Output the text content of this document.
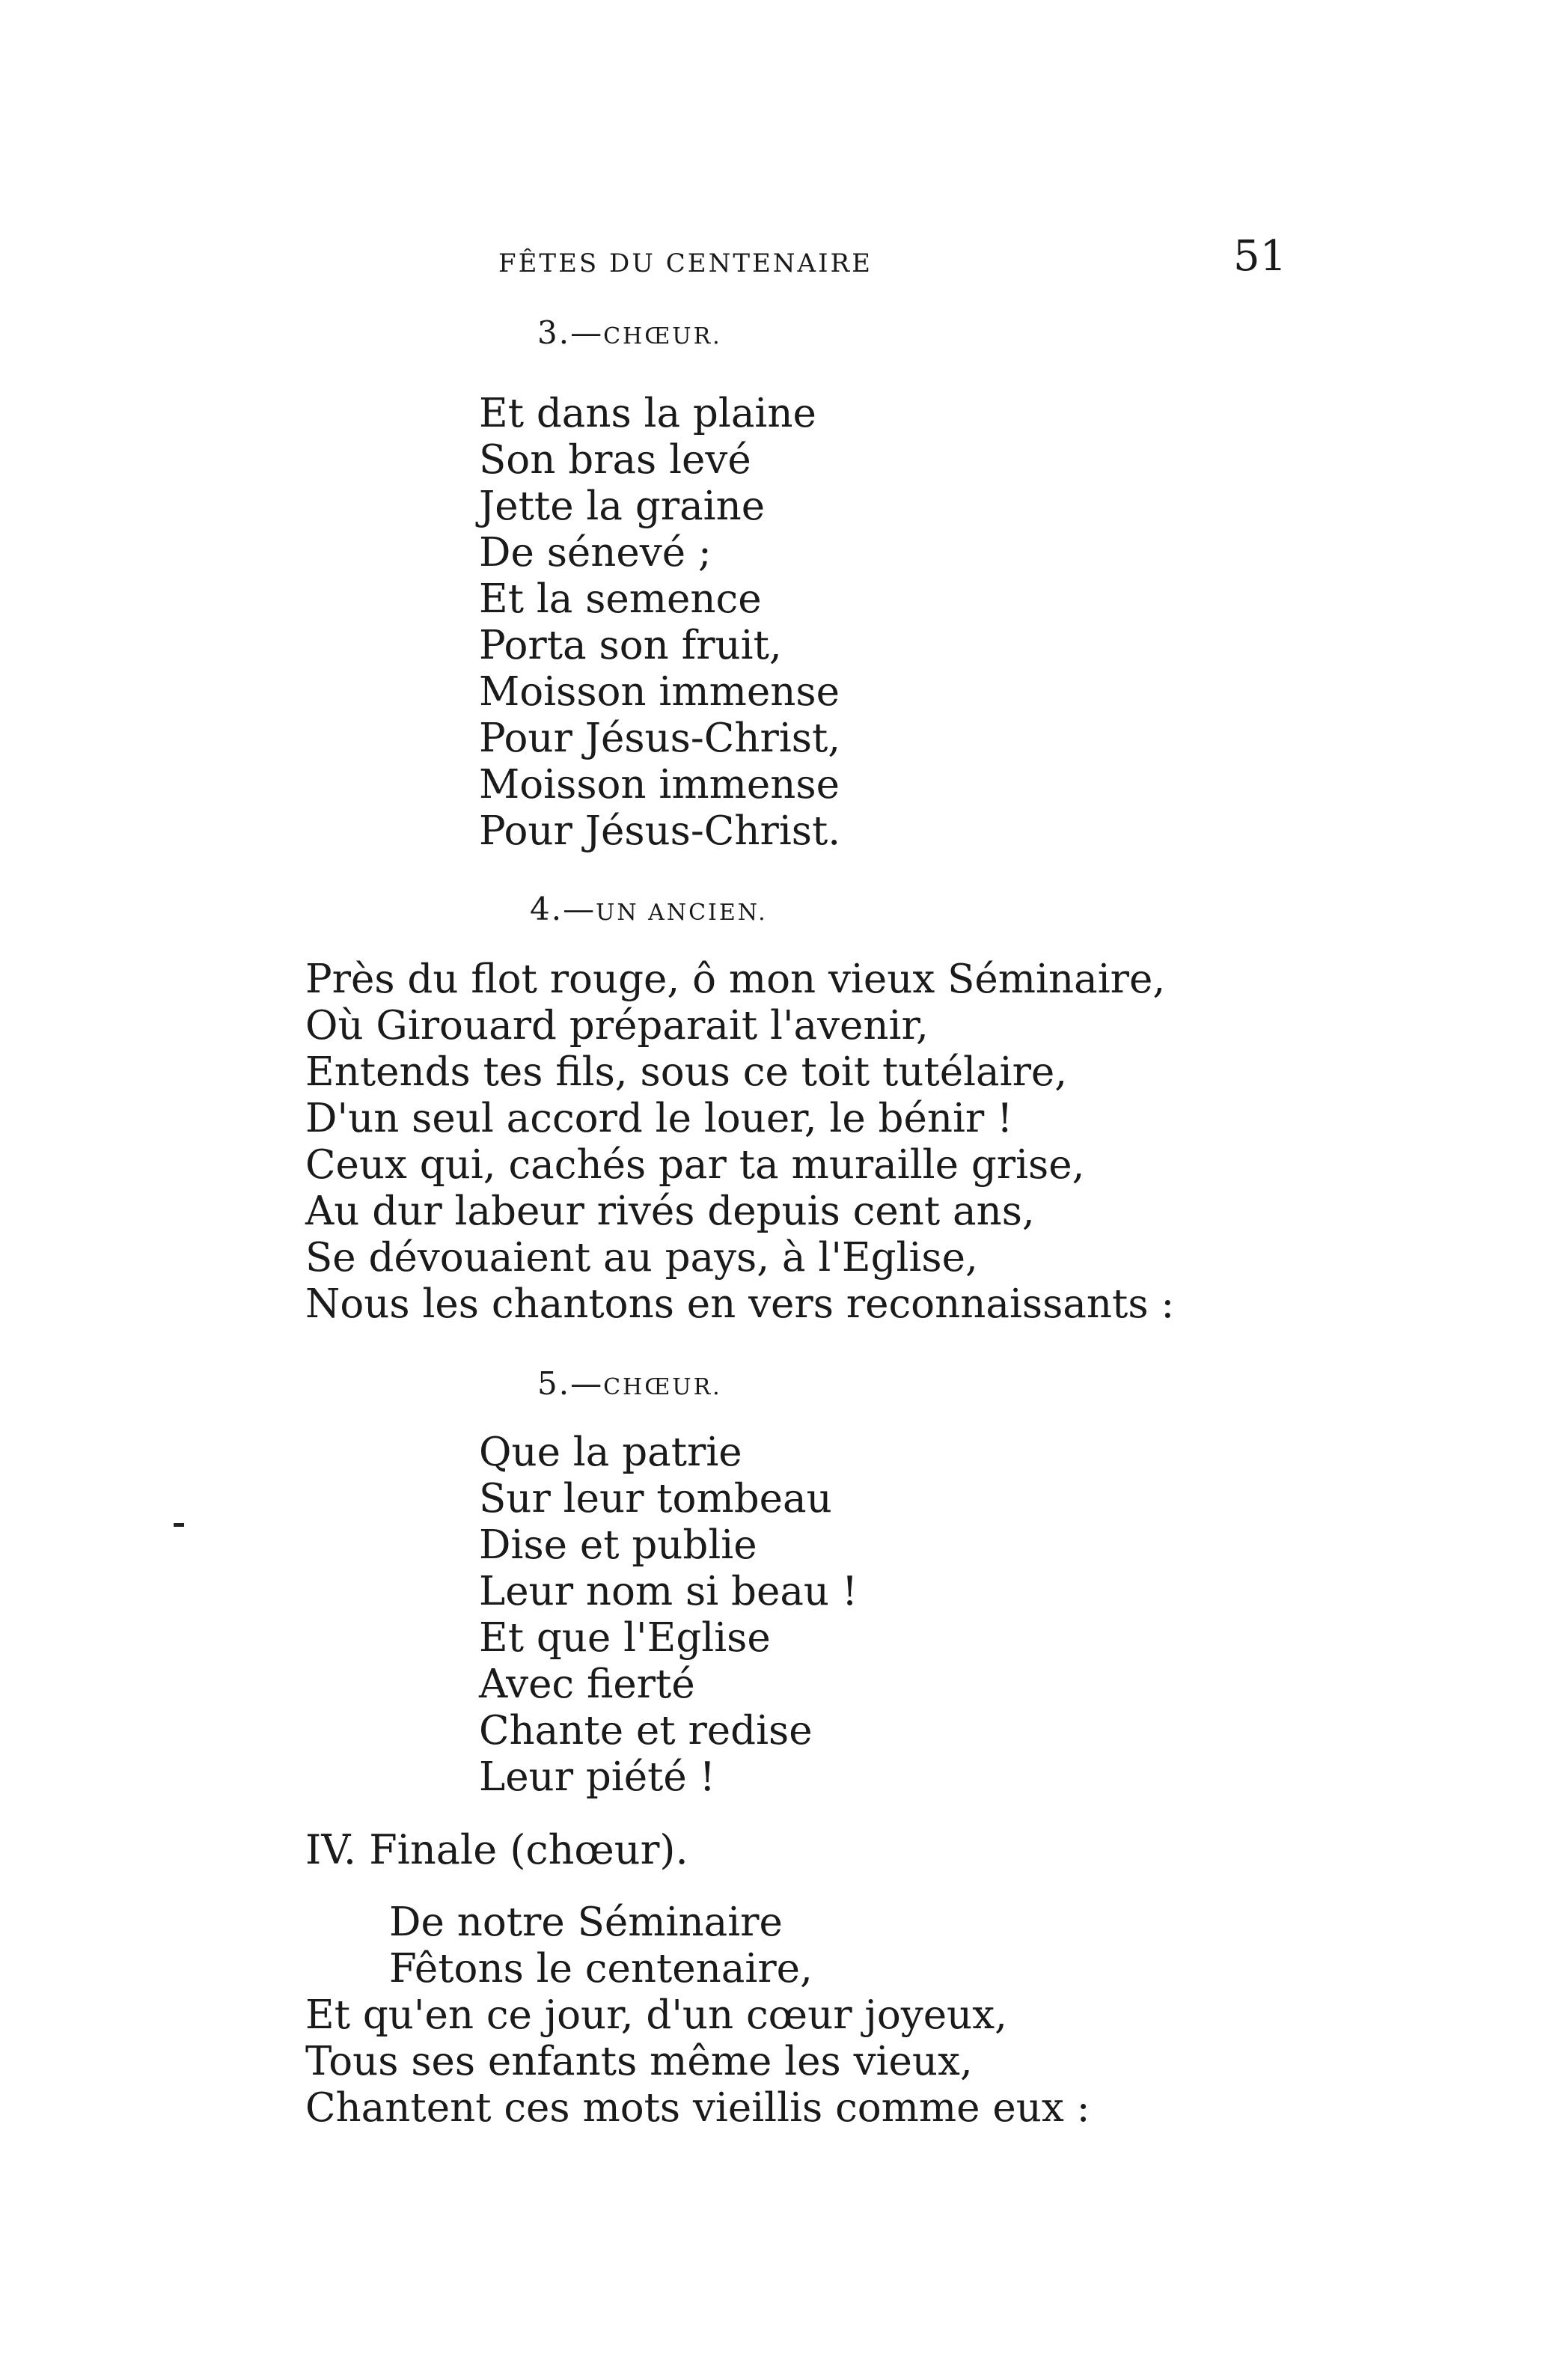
FÊTES DU CENTENAIRE	51
3.—CHŒUR.
Et dans la plaine
Son bras levé
Jette la graine
De sénevé ;
Et la semence
Porta son fruit,
Moisson immense
Pour Jésus-Christ,
Moisson immense
Pour Jésus-Christ.
4.—UN ANCIEN.
Près du flot rouge, ô mon vieux Séminaire,
Où Girouard préparait l'avenir,
Entends tes fils, sous ce toit tutélaire,
D'un seul accord le louer, le bénir !
Ceux qui, cachés par ta muraille grise,
Au dur labeur rivés depuis cent ans,
Se dévouaient au pays, à l'Eglise,
Nous les chantons en vers reconnaissants :
5.—CHŒUR.
Que la patrie
Sur leur tombeau
Dise et publie
Leur nom si beau !
Et que l'Eglise
Avec fierté
Chante et redise
Leur piété !
IV. Finale (chœur).
De notre Séminaire
Fêtons le centenaire,
Et qu'en ce jour, d'un cœur joyeux,
Tous ses enfants même les vieux,
Chantent ces mots vieillis comme eux :
